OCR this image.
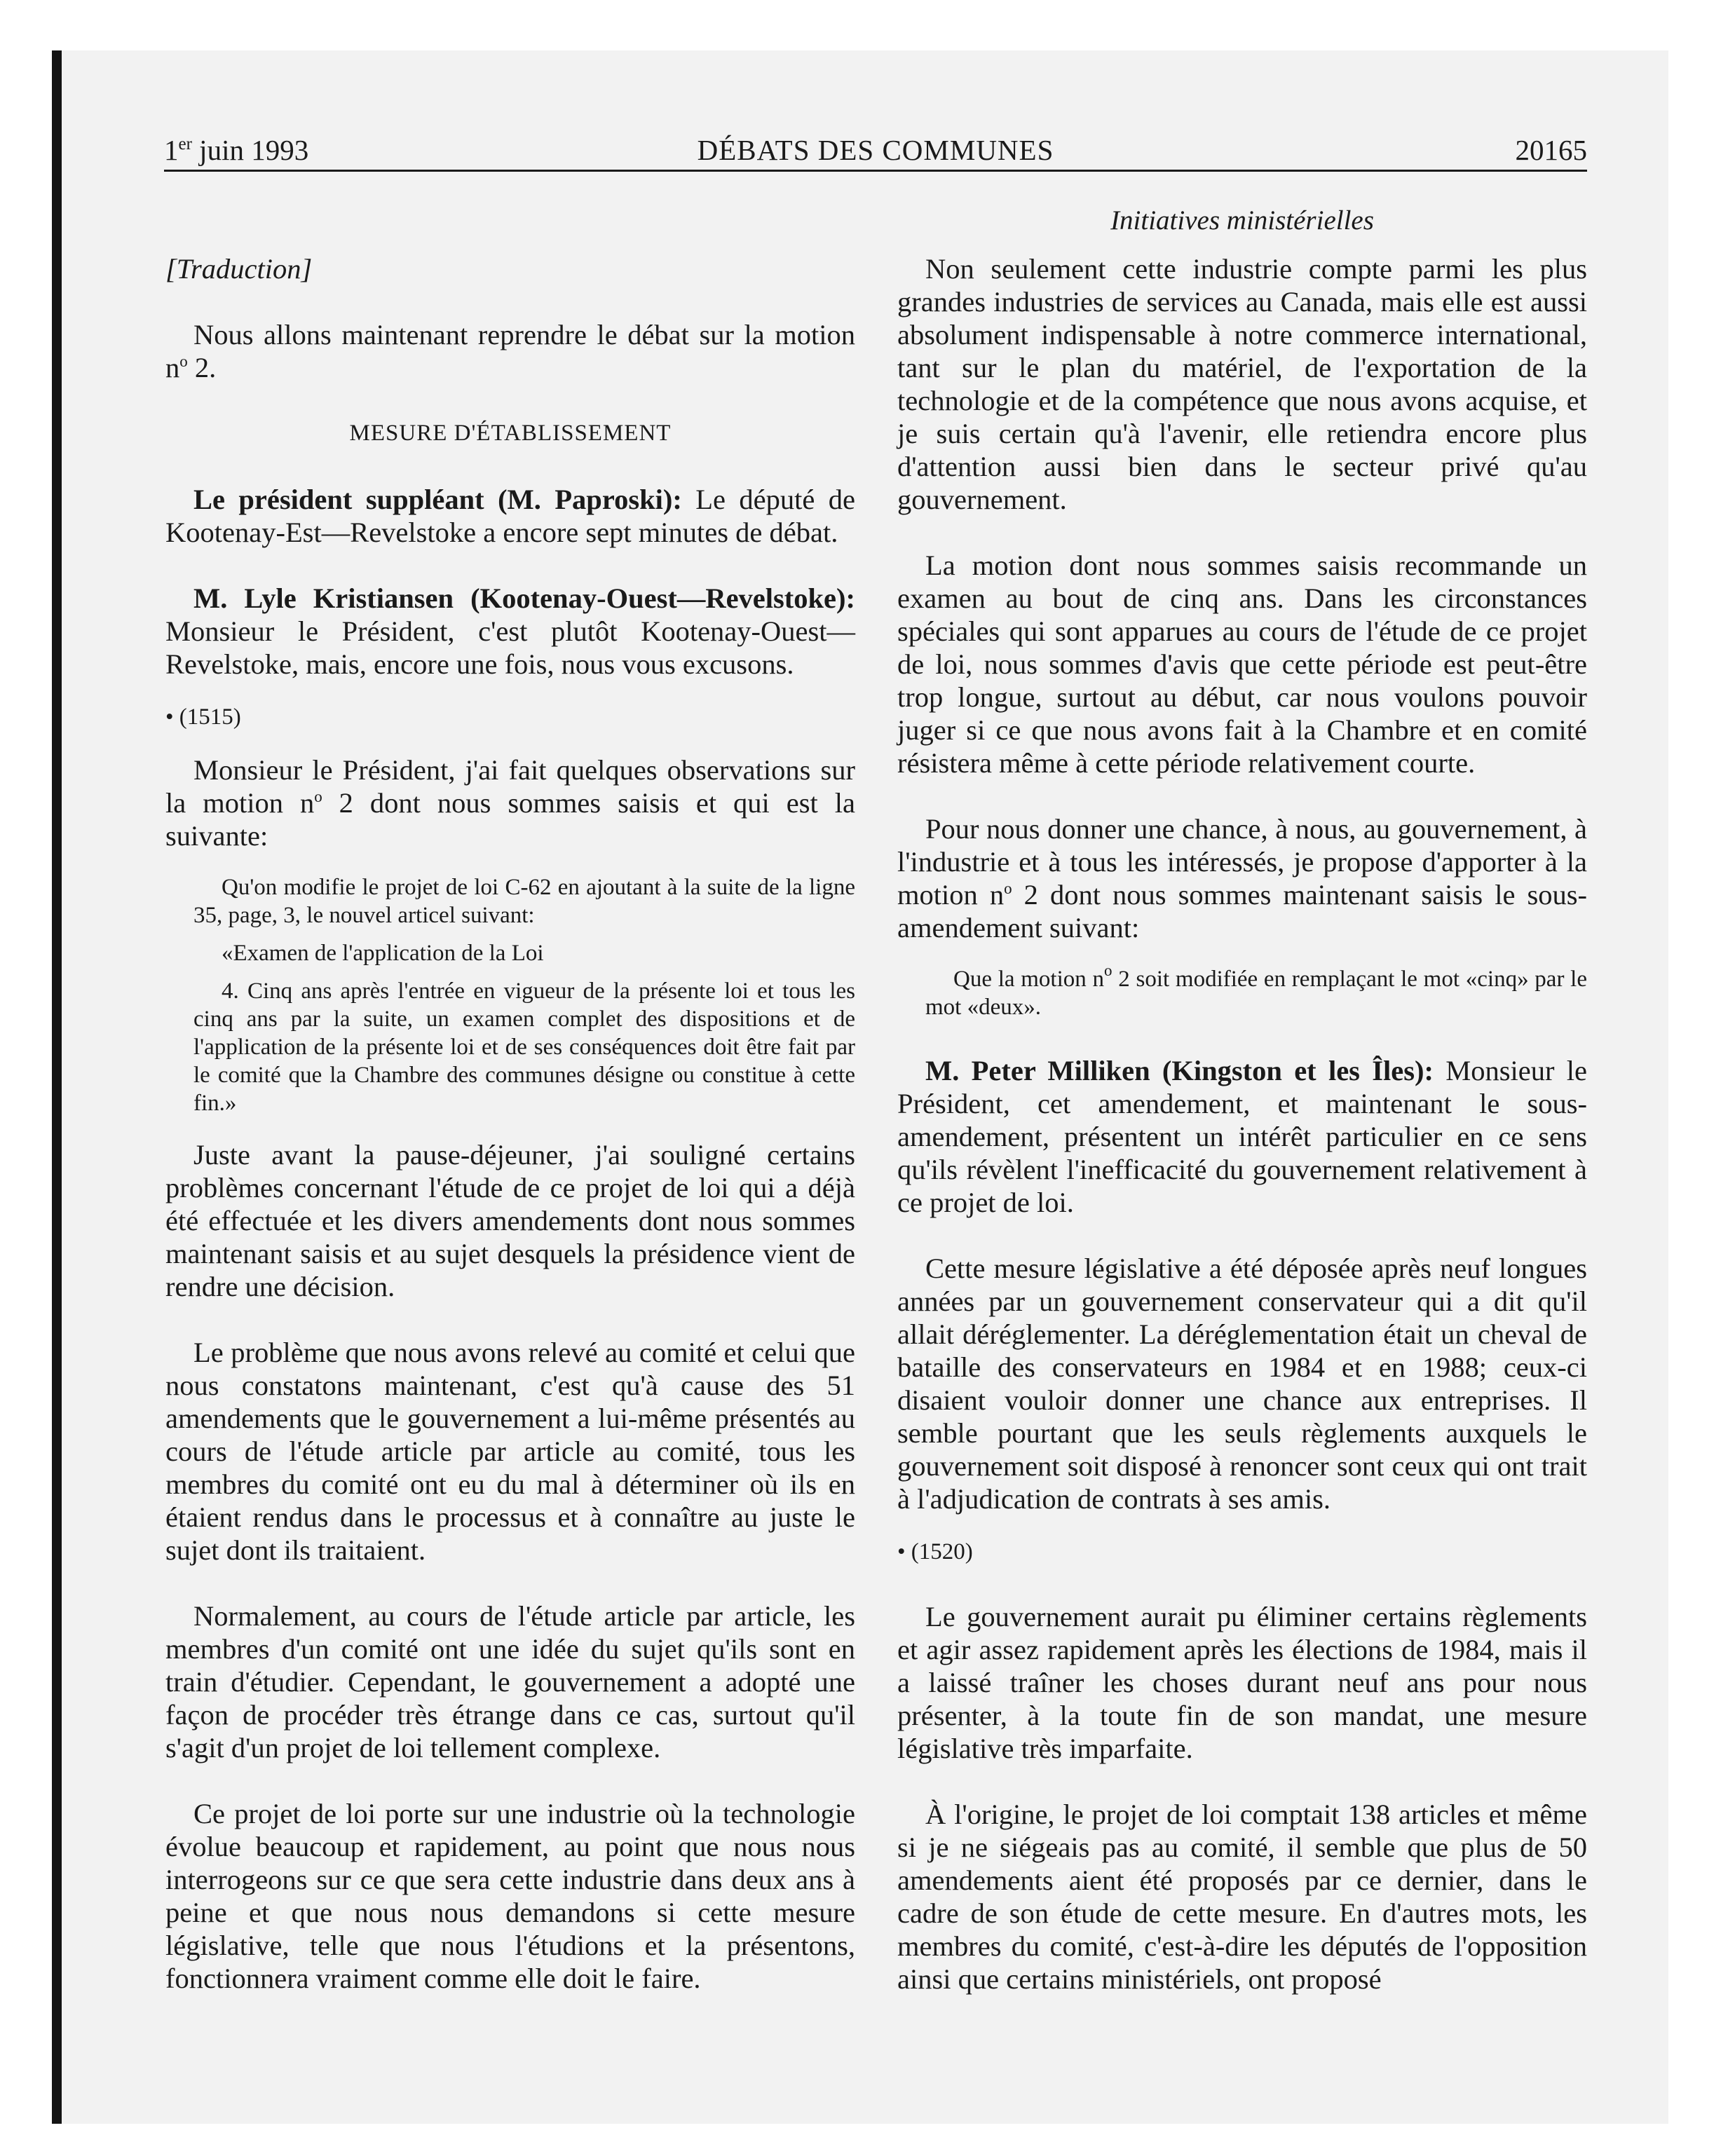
1er juin 1993	DÉBATS DES COMMUNES	20165
Initiatives ministérielles

[Traduction]

Nous allons maintenant reprendre le débat sur la motion $n^o$ 2.

MESURE D'ÉTABLISSEMENT

Le président suppléant (M. Paproski): Le député de Kootenay-Est—Revelstoke a encore sept minutes de débat.

M. Lyle Kristiansen (Kootenay-Ouest—Revelstoke): Monsieur le Président, c'est plutôt Kootenay-Ouest—Revelstoke, mais, encore une fois, nous vous excusons.

• (1515)

Monsieur le Président, j'ai fait quelques observations sur la motion $n^o$ 2 dont nous sommes saisis et qui est la suivante:

Qu'on modifie le projet de loi C-62 en ajoutant à la suite de la ligne 35, page, 3, le nouvel articel suivant:

«Examen de l'application de la Loi

4. Cinq ans après l'entrée en vigueur de la présente loi et tous les cinq ans par la suite, un examen complet des dispositions et de l'application de la présente loi et de ses conséquences doit être fait par le comité que la Chambre des communes désigne ou constitue à cette fin.»

Juste avant la pause-déjeuner, j'ai souligné certains problèmes concernant l'étude de ce projet de loi qui a déjà été effectuée et les divers amendements dont nous sommes maintenant saisis et au sujet desquels la présidence vient de rendre une décision.

Le problème que nous avons relevé au comité et celui que nous constatons maintenant, c'est qu'à cause des 51 amendements que le gouvernement a lui-même présentés au cours de l'étude article par article au comité, tous les membres du comité ont eu du mal à déterminer où ils en étaient rendus dans le processus et à connaître au juste le sujet dont ils traitaient.

Normalement, au cours de l'étude article par article, les membres d'un comité ont une idée du sujet qu'ils sont en train d'étudier. Cependant, le gouvernement a adopté une façon de procéder très étrange dans ce cas, surtout qu'il s'agit d'un projet de loi tellement complexe.

Ce projet de loi porte sur une industrie où la technologie évolue beaucoup et rapidement, au point que nous nous interrogeons sur ce que sera cette industrie dans deux ans à peine et que nous nous demandons si cette mesure législative, telle que nous l'étudions et la présentons, fonctionnera vraiment comme elle doit le faire.

Non seulement cette industrie compte parmi les plus grandes industries de services au Canada, mais elle est aussi absolument indispensable à notre commerce international, tant sur le plan du matériel, de l'exportation de la technologie et de la compétence que nous avons acquise, et je suis certain qu'à l'avenir, elle retiendra encore plus d'attention aussi bien dans le secteur privé qu'au gouvernement.

La motion dont nous sommes saisis recommande un examen au bout de cinq ans. Dans les circonstances spéciales qui sont apparues au cours de l'étude de ce projet de loi, nous sommes d'avis que cette période est peut-être trop longue, surtout au début, car nous voulons pouvoir juger si ce que nous avons fait à la Chambre et en comité résistera même à cette période relativement courte.

Pour nous donner une chance, à nous, au gouvernement, à l'industrie et à tous les intéressés, je propose d'apporter à la motion $n^o$ 2 dont nous sommes maintenant saisis le sous-amendement suivant:

Que la motion $n^o$ 2 soit modifiée en remplaçant le mot «cinq» par le mot «deux».

M. Peter Milliken (Kingston et les Îles): Monsieur le Président, cet amendement, et maintenant le sous-amendement, présentent un intérêt particulier en ce sens qu'ils révèlent l'inefficacité du gouvernement relativement à ce projet de loi.

Cette mesure législative a été déposée après neuf longues années par un gouvernement conservateur qui a dit qu'il allait déréglementer. La déréglementation était un cheval de bataille des conservateurs en 1984 et en 1988; ceux-ci disaient vouloir donner une chance aux entreprises. Il semble pourtant que les seuls règlements auxquels le gouvernement soit disposé à renoncer sont ceux qui ont trait à l'adjudication de contrats à ses amis.

• (1520)

Le gouvernement aurait pu éliminer certains règlements et agir assez rapidement après les élections de 1984, mais il a laissé traîner les choses durant neuf ans pour nous présenter, à la toute fin de son mandat, une mesure législative très imparfaite.

À l'origine, le projet de loi comptait 138 articles et même si je ne siégeais pas au comité, il semble que plus de 50 amendements aient été proposés par ce dernier, dans le cadre de son étude de cette mesure. En d'autres mots, les membres du comité, c'est-à-dire les députés de l'opposition ainsi que certains ministériels, ont proposé
